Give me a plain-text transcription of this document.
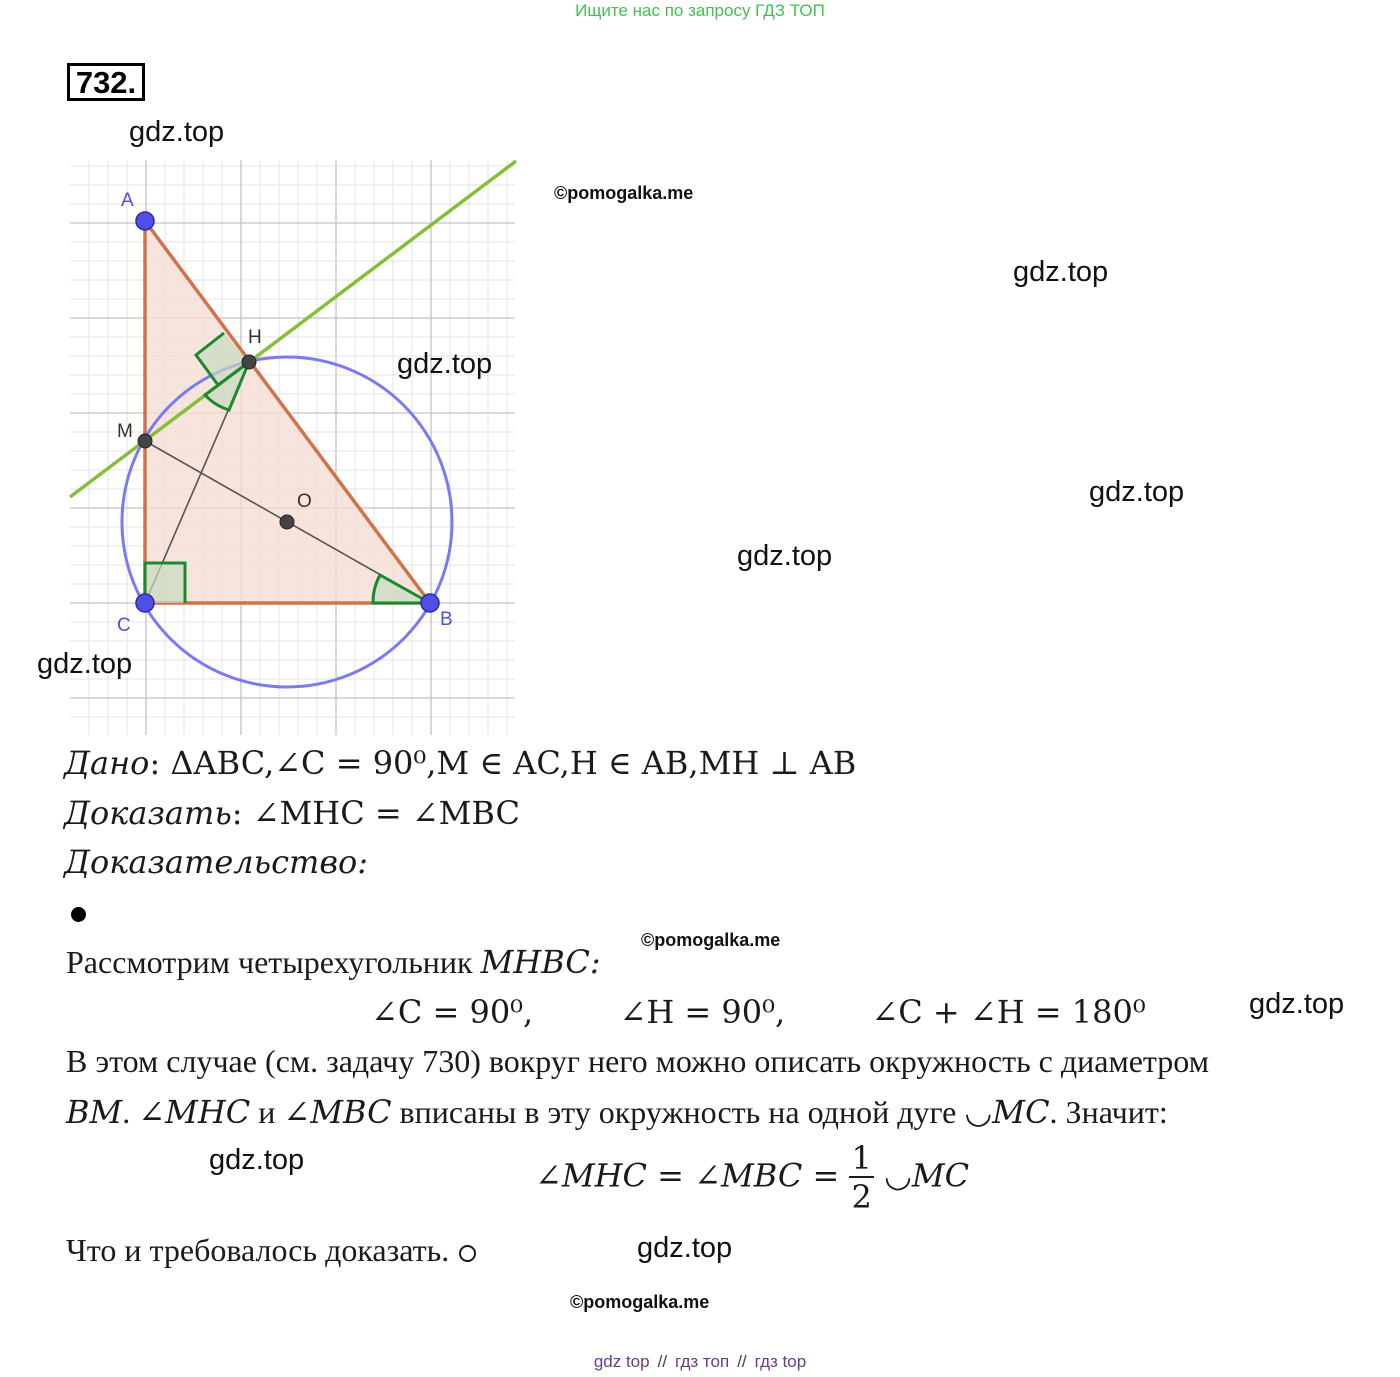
Ищите нас по запросу ГДЗ ТОП
732.
A
C	B
M
H
O
gdz.top
gdz.top
gdz.top
gdz.top
gdz.top
gdz.top
gdz.top
gdz.top
gdz.top
©pomogalka.me
©pomogalka.me
©pomogalka.me
Дано: ΔABC,∠C = 90⁰,M ∈ AC,H ∈ AB,MH ⊥ AB
Доказать: ∠MHC = ∠MBC
Доказательство:
Рассмотрим четырехугольник MHBC:
∠C = 90⁰,	∠H = 90⁰,	∠C + ∠H = 180⁰
В этом случае (см. задачу 730) вокруг него можно описать окружность с диаметром
BM. ∠MHC и ∠MBC вписаны в эту окружность на одной дуге ◡MC. Значит:
∠MHC = ∠MBC = $\frac{1}{2}$ ◡MC
Что и требовалось доказать.
gdz top // гдз топ // гдз top
